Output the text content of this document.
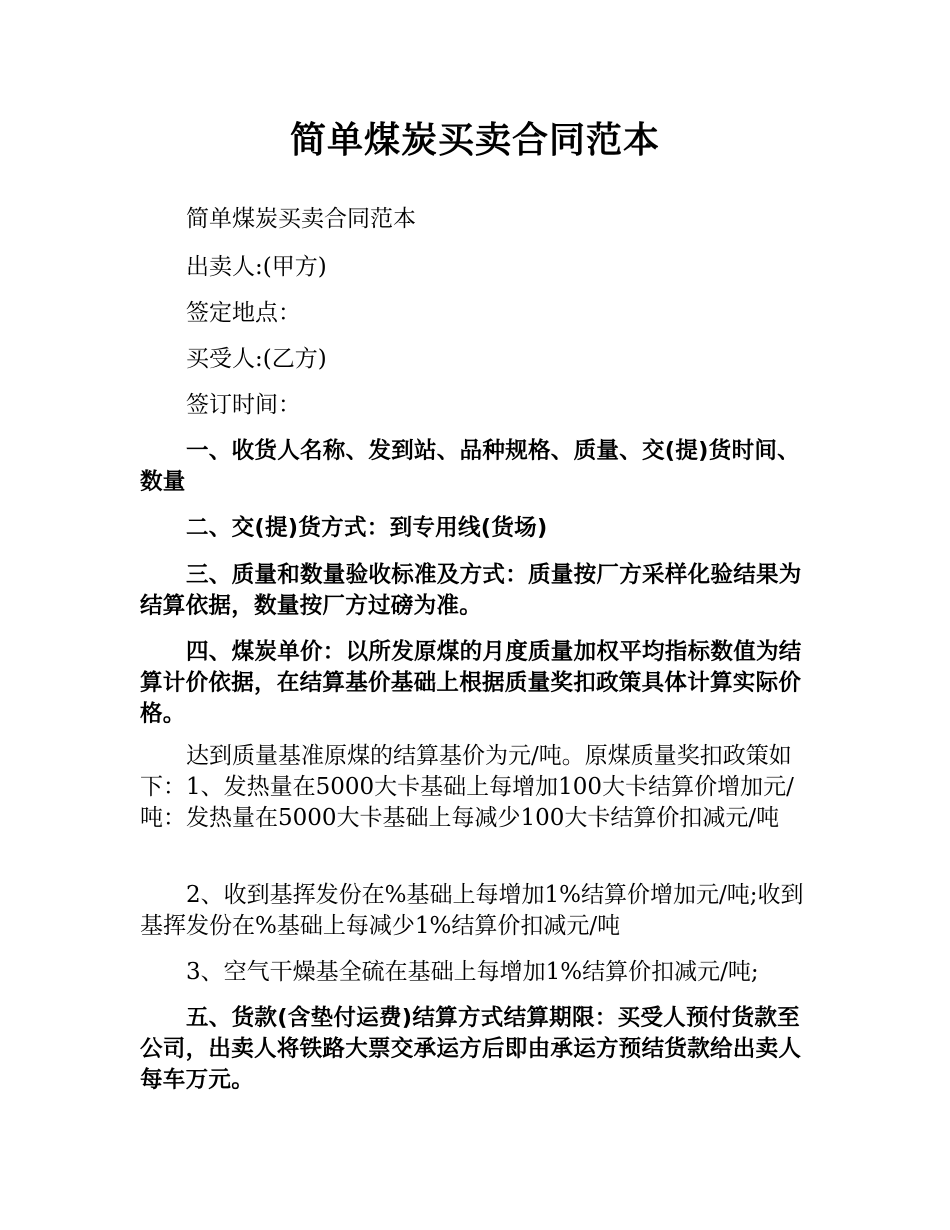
简单煤炭买卖合同范本

简单煤炭买卖合同范本

出卖人:(甲方)

签定地点：

买受人:(乙方)

签订时间：

一、收货人名称、发到站、品种规格、质量、交(提)货时间、数量

二、交(提)货方式：到专用线(货场)

三、质量和数量验收标准及方式：质量按厂方采样化验结果为结算依据，数量按厂方过磅为准。

四、煤炭单价：以所发原煤的月度质量加权平均指标数值为结算计价依据，在结算基价基础上根据质量奖扣政策具体计算实际价格。

达到质量基准原煤的结算基价为元/吨。原煤质量奖扣政策如下：1、发热量在5000大卡基础上每增加100大卡结算价增加元/吨：发热量在5000大卡基础上每减少100大卡结算价扣减元/吨

2、收到基挥发份在%基础上每增加1%结算价增加元/吨;收到基挥发份在%基础上每减少1%结算价扣减元/吨

3、空气干燥基全硫在基础上每增加1%结算价扣减元/吨;

五、货款(含垫付运费)结算方式结算期限：买受人预付货款至公司，出卖人将铁路大票交承运方后即由承运方预结货款给出卖人每车万元。
